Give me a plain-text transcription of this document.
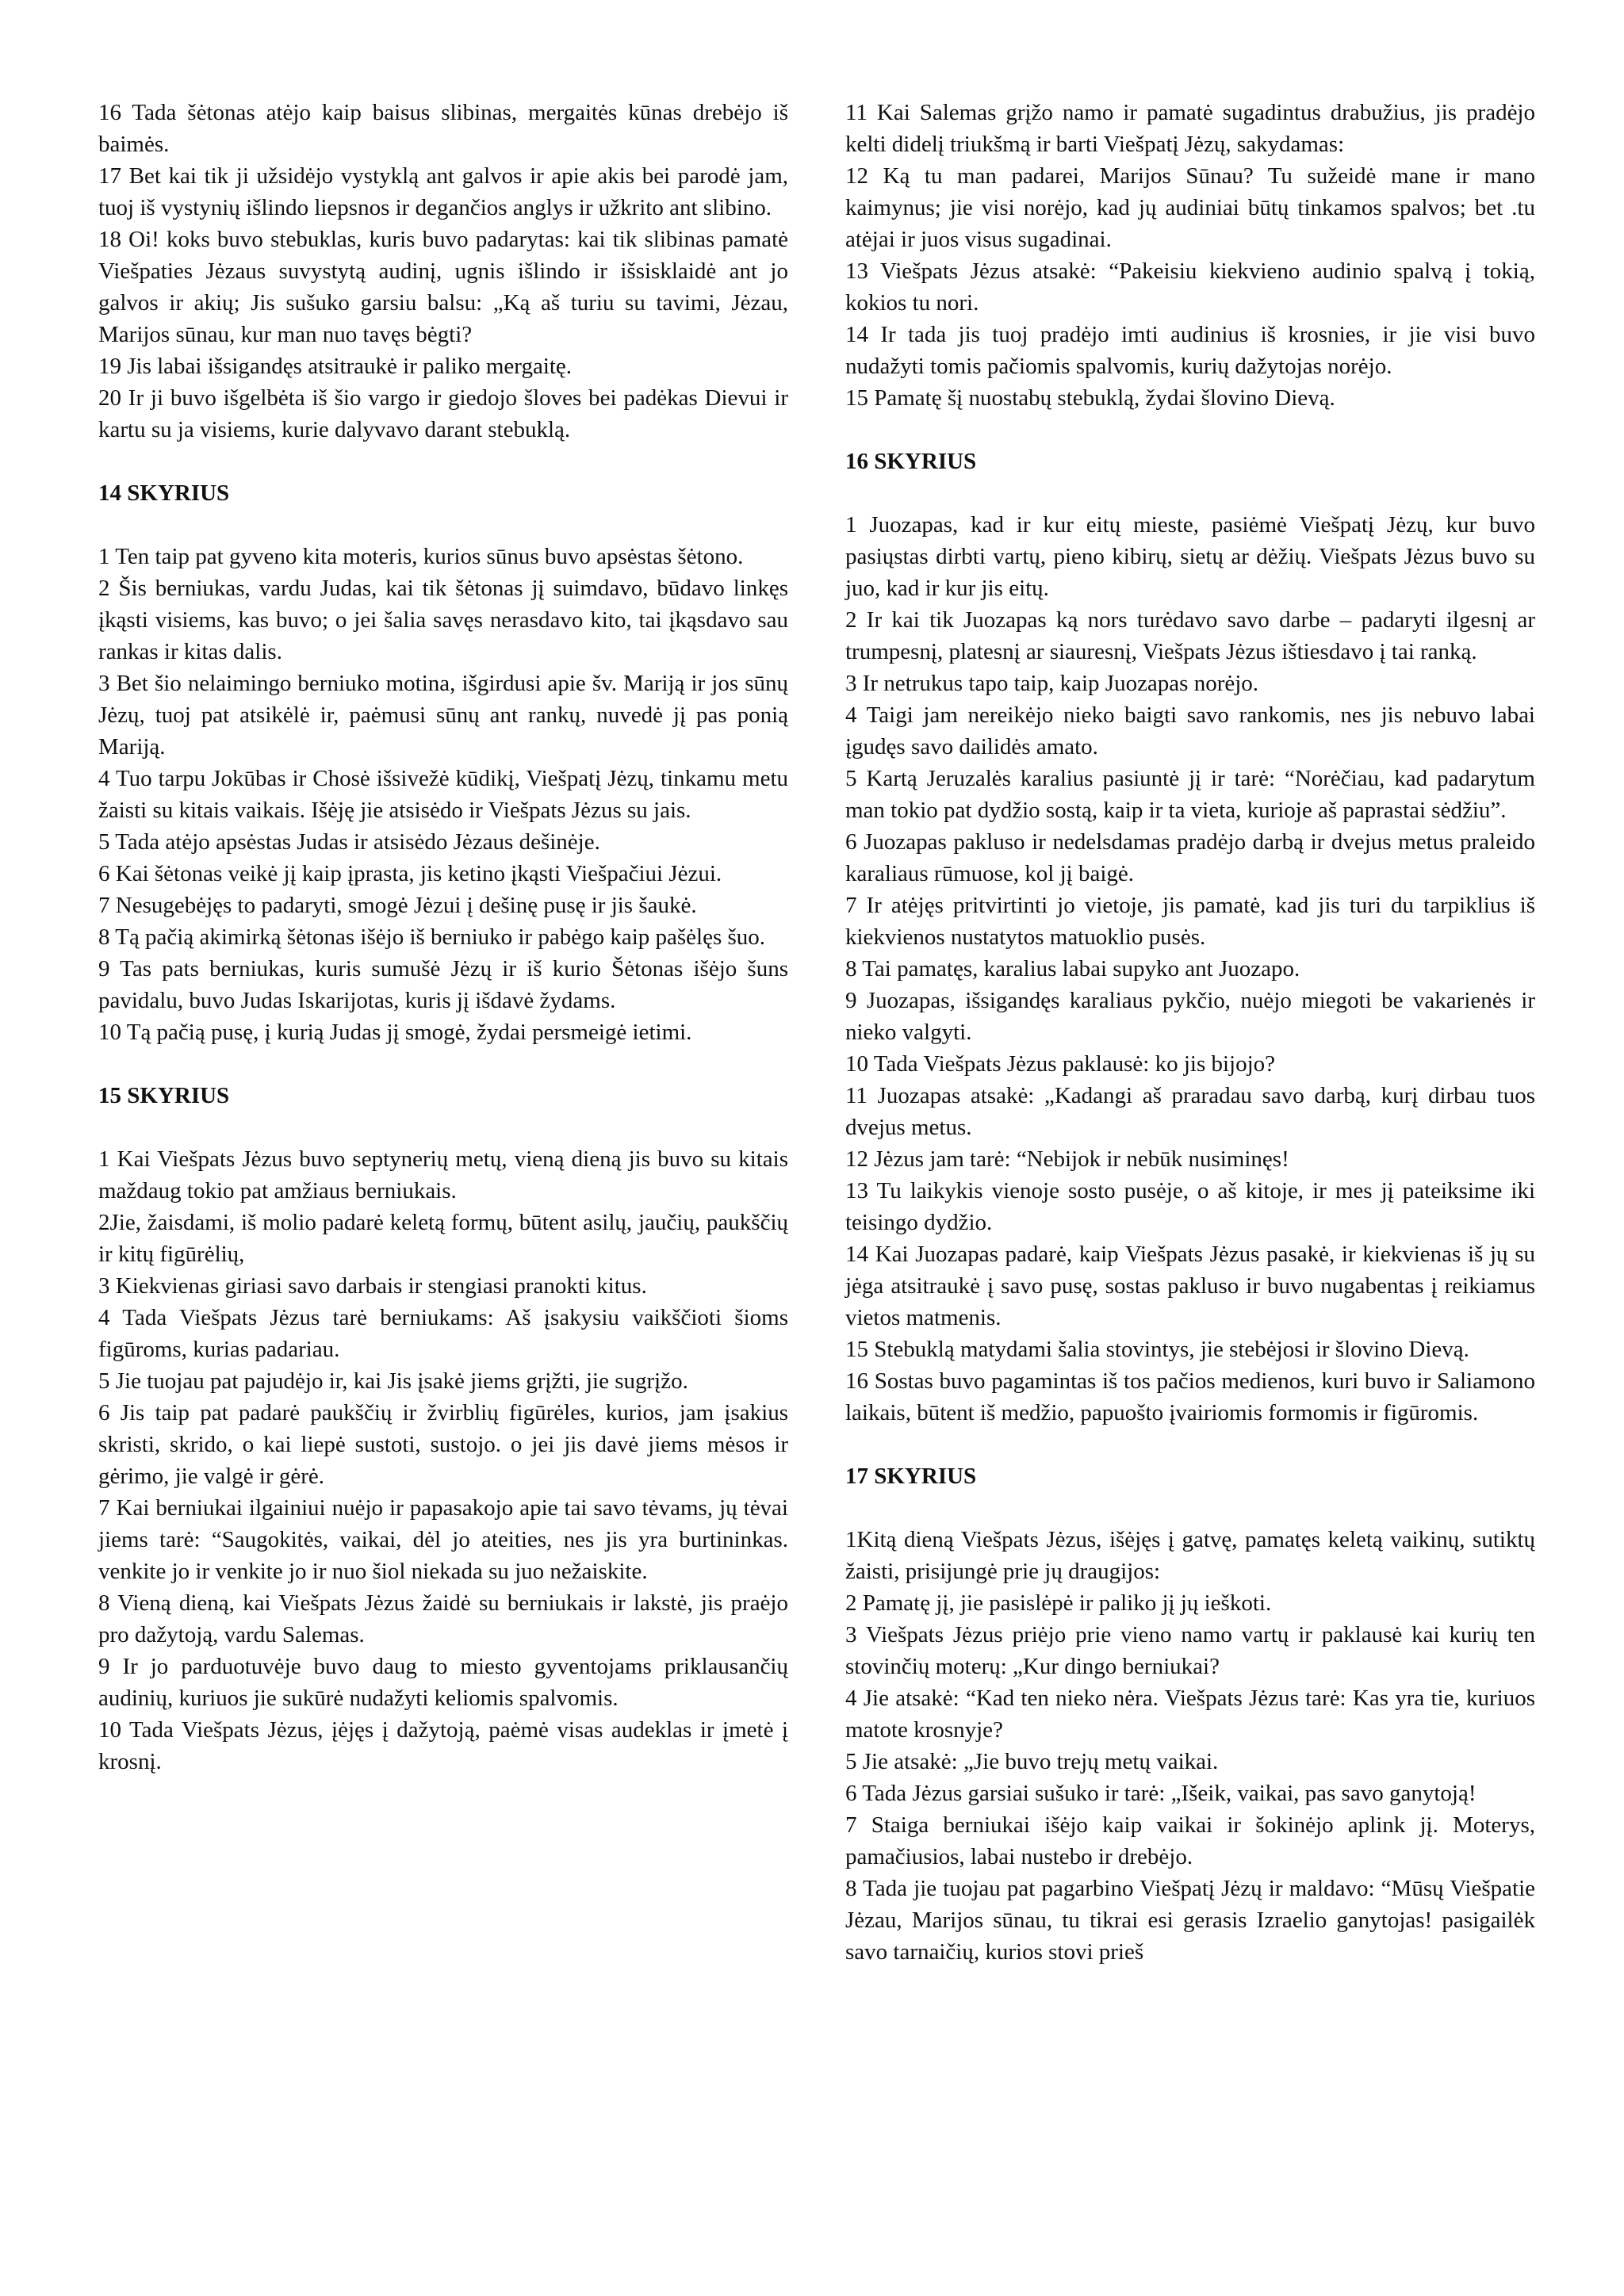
16 Tada šėtonas atėjo kaip baisus slibinas, mergaitės kūnas drebėjo iš baimės.

17 Bet kai tik ji užsidėjo vystyklą ant galvos ir apie akis bei parodė jam, tuoj iš vystynių išlindo liepsnos ir degančios anglys ir užkrito ant slibino.

18 Oi! koks buvo stebuklas, kuris buvo padarytas: kai tik slibinas pamatė Viešpaties Jėzaus suvystytą audinį, ugnis išlindo ir išsisklaidė ant jo galvos ir akių; Jis sušuko garsiu balsu: „Ką aš turiu su tavimi, Jėzau, Marijos sūnau, kur man nuo tavęs bėgti?

19 Jis labai išsigandęs atsitraukė ir paliko mergaitę.

20 Ir ji buvo išgelbėta iš šio vargo ir giedojo šloves bei padėkas Dievui ir kartu su ja visiems, kurie dalyvavo darant stebuklą.

14 SKYRIUS

1 Ten taip pat gyveno kita moteris, kurios sūnus buvo apsėstas šėtono.

2 Šis berniukas, vardu Judas, kai tik šėtonas jį suimdavo, būdavo linkęs įkąsti visiems, kas buvo; o jei šalia savęs nerasdavo kito, tai įkąsdavo sau rankas ir kitas dalis.

3 Bet šio nelaimingo berniuko motina, išgirdusi apie šv. Mariją ir jos sūnų Jėzų, tuoj pat atsikėlė ir, paėmusi sūnų ant rankų, nuvedė jį pas ponią Mariją.

4 Tuo tarpu Jokūbas ir Chosė išsivežė kūdikį, Viešpatį Jėzų, tinkamu metu žaisti su kitais vaikais. Išėję jie atsisėdo ir Viešpats Jėzus su jais.

5 Tada atėjo apsėstas Judas ir atsisėdo Jėzaus dešinėje.

6 Kai šėtonas veikė jį kaip įprasta, jis ketino įkąsti Viešpačiui Jėzui.

7 Nesugebėjęs to padaryti, smogė Jėzui į dešinę pusę ir jis šaukė.

8 Tą pačią akimirką šėtonas išėjo iš berniuko ir pabėgo kaip pašėlęs šuo.

9 Tas pats berniukas, kuris sumušė Jėzų ir iš kurio Šėtonas išėjo šuns pavidalu, buvo Judas Iskarijotas, kuris jį išdavė žydams.

10 Tą pačią pusę, į kurią Judas jį smogė, žydai persmeigė ietimi.

15 SKYRIUS

1 Kai Viešpats Jėzus buvo septynerių metų, vieną dieną jis buvo su kitais maždaug tokio pat amžiaus berniukais.

2Jie, žaisdami, iš molio padarė keletą formų, būtent asilų, jaučių, paukščių ir kitų figūrėlių,

3 Kiekvienas giriasi savo darbais ir stengiasi pranokti kitus.

4 Tada Viešpats Jėzus tarė berniukams: Aš įsakysiu vaikščioti šioms figūroms, kurias padariau.

5 Jie tuojau pat pajudėjo ir, kai Jis įsakė jiems grįžti, jie sugrįžo.

6 Jis taip pat padarė paukščių ir žvirblių figūrėles, kurios, jam įsakius skristi, skrido, o kai liepė sustoti, sustojo. o jei jis davė jiems mėsos ir gėrimo, jie valgė ir gėrė.

7 Kai berniukai ilgainiui nuėjo ir papasakojo apie tai savo tėvams, jų tėvai jiems tarė: “Saugokitės, vaikai, dėl jo ateities, nes jis yra burtininkas. venkite jo ir venkite jo ir nuo šiol niekada su juo nežaiskite.

8 Vieną dieną, kai Viešpats Jėzus žaidė su berniukais ir lakstė, jis praėjo pro dažytoją, vardu Salemas.

9 Ir jo parduotuvėje buvo daug to miesto gyventojams priklausančių audinių, kuriuos jie sukūrė nudažyti keliomis spalvomis.

10 Tada Viešpats Jėzus, įėjęs į dažytoją, paėmė visas audeklas ir įmetė į krosnį.

11 Kai Salemas grįžo namo ir pamatė sugadintus drabužius, jis pradėjo kelti didelį triukšmą ir barti Viešpatį Jėzų, sakydamas:

12 Ką tu man padarei, Marijos Sūnau? Tu sužeidė mane ir mano kaimynus; jie visi norėjo, kad jų audiniai būtų tinkamos spalvos; bet .tu atėjai ir juos visus sugadinai.

13 Viešpats Jėzus atsakė: “Pakeisiu kiekvieno audinio spalvą į tokią, kokios tu nori.

14 Ir tada jis tuoj pradėjo imti audinius iš krosnies, ir jie visi buvo nudažyti tomis pačiomis spalvomis, kurių dažytojas norėjo.

15 Pamatę šį nuostabų stebuklą, žydai šlovino Dievą.

16 SKYRIUS

1 Juozapas, kad ir kur eitų mieste, pasiėmė Viešpatį Jėzų, kur buvo pasiųstas dirbti vartų, pieno kibirų, sietų ar dėžių. Viešpats Jėzus buvo su juo, kad ir kur jis eitų.

2 Ir kai tik Juozapas ką nors turėdavo savo darbe – padaryti ilgesnį ar trumpesnį, platesnį ar siauresnį, Viešpats Jėzus ištiesdavo į tai ranką.

3 Ir netrukus tapo taip, kaip Juozapas norėjo.

4 Taigi jam nereikėjo nieko baigti savo rankomis, nes jis nebuvo labai įgudęs savo dailidės amato.

5 Kartą Jeruzalės karalius pasiuntė jį ir tarė: “Norėčiau, kad padarytum man tokio pat dydžio sostą, kaip ir ta vieta, kurioje aš paprastai sėdžiu”.

6 Juozapas pakluso ir nedelsdamas pradėjo darbą ir dvejus metus praleido karaliaus rūmuose, kol jį baigė.

7 Ir atėjęs pritvirtinti jo vietoje, jis pamatė, kad jis turi du tarpiklius iš kiekvienos nustatytos matuoklio pusės.

8 Tai pamatęs, karalius labai supyko ant Juozapo.

9 Juozapas, išsigandęs karaliaus pykčio, nuėjo miegoti be vakarienės ir nieko valgyti.

10 Tada Viešpats Jėzus paklausė: ko jis bijojo?

11 Juozapas atsakė: „Kadangi aš praradau savo darbą, kurį dirbau tuos dvejus metus.

12 Jėzus jam tarė: “Nebijok ir nebūk nusiminęs!

13 Tu laikykis vienoje sosto pusėje, o aš kitoje, ir mes jį pateiksime iki teisingo dydžio.

14 Kai Juozapas padarė, kaip Viešpats Jėzus pasakė, ir kiekvienas iš jų su jėga atsitraukė į savo pusę, sostas pakluso ir buvo nugabentas į reikiamus vietos matmenis.

15 Stebuklą matydami šalia stovintys, jie stebėjosi ir šlovino Dievą.

16 Sostas buvo pagamintas iš tos pačios medienos, kuri buvo ir Saliamono laikais, būtent iš medžio, papuošto įvairiomis formomis ir figūromis.

17 SKYRIUS

1Kitą dieną Viešpats Jėzus, išėjęs į gatvę, pamatęs keletą vaikinų, sutiktų žaisti, prisijungė prie jų draugijos:

2 Pamatę jį, jie pasislėpė ir paliko jį jų ieškoti.

3 Viešpats Jėzus priėjo prie vieno namo vartų ir paklausė kai kurių ten stovinčių moterų: „Kur dingo berniukai?

4 Jie atsakė: “Kad ten nieko nėra. Viešpats Jėzus tarė: Kas yra tie, kuriuos matote krosnyje?

5 Jie atsakė: „Jie buvo trejų metų vaikai.

6 Tada Jėzus garsiai sušuko ir tarė: „Išeik, vaikai, pas savo ganytoją!

7 Staiga berniukai išėjo kaip vaikai ir šokinėjo aplink jį. Moterys, pamačiusios, labai nustebo ir drebėjo.

8 Tada jie tuojau pat pagarbino Viešpatį Jėzų ir maldavo: “Mūsų Viešpatie Jėzau, Marijos sūnau, tu tikrai esi gerasis Izraelio ganytojas! pasigailėk savo tarnaičių, kurios stovi prieš
